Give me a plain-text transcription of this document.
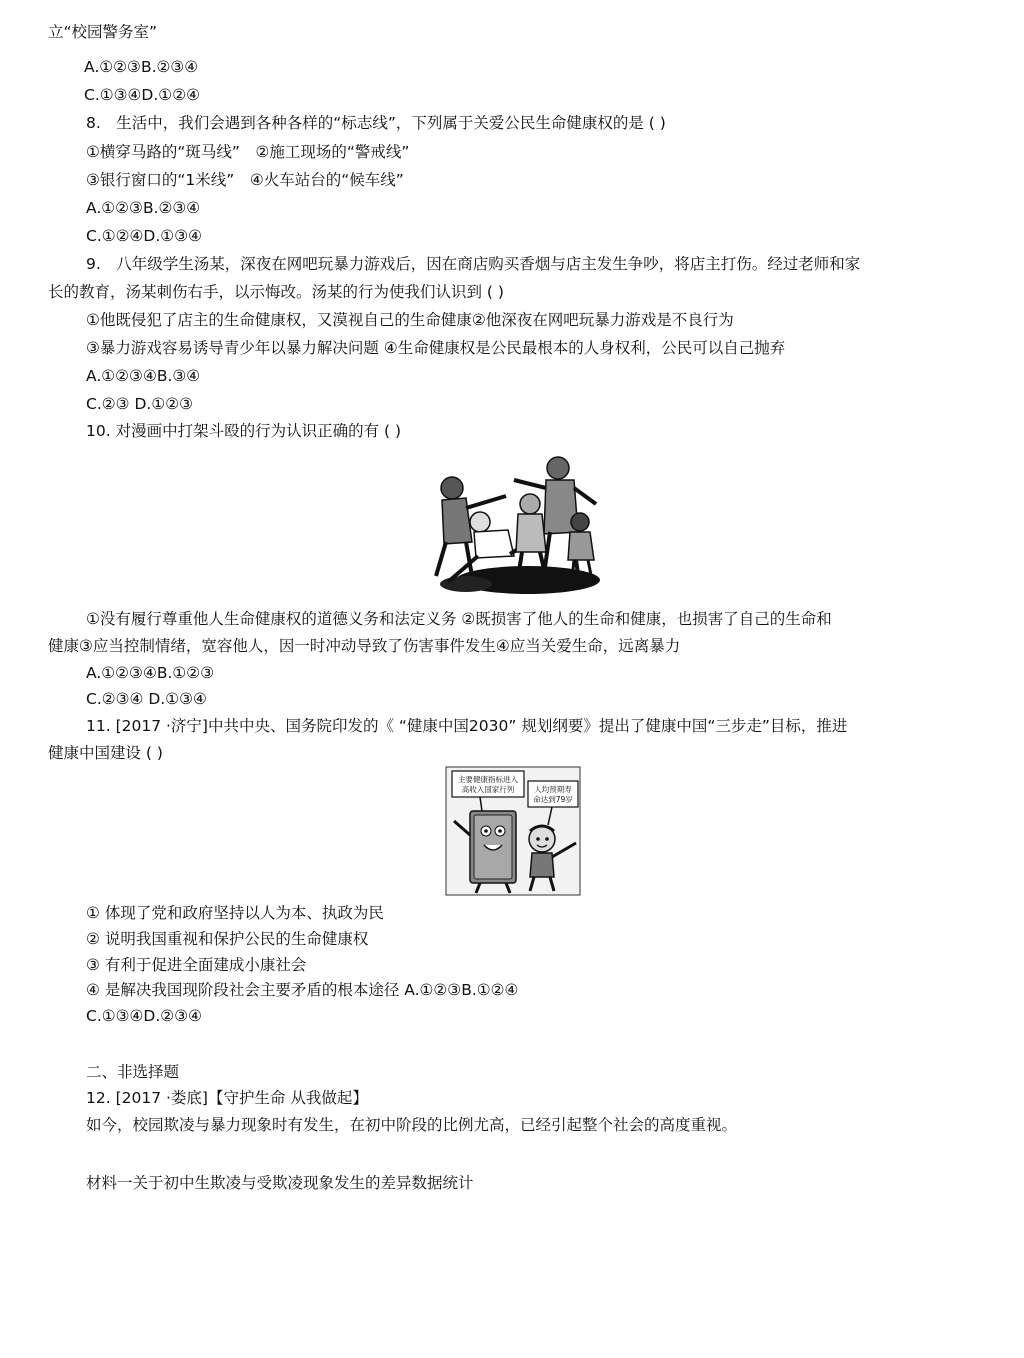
立“校园警务室”
A.①②③B.②③④
C.①③④D.①②④
8.　生活中，我们会遇到各种各样的“标志线”，下列属于关爱公民生命健康权的是 ( )
①横穿马路的“斑马线”　②施工现场的“警戒线”
③银行窗口的“1米线”　④火车站台的“候车线”
A.①②③B.②③④
C.①②④D.①③④
9.　八年级学生汤某，深夜在网吧玩暴力游戏后，因在商店购买香烟与店主发生争吵，将店主打伤。经过老师和家
长的教育，汤某刺伤右手，以示悔改。汤某的行为使我们认识到 ( )
①他既侵犯了店主的生命健康权，又漠视自己的生命健康②他深夜在网吧玩暴力游戏是不良行为
③暴力游戏容易诱导青少年以暴力解决问题 ④生命健康权是公民最根本的人身权利，公民可以自己抛弃
A.①②③④B.③④
C.②③ D.①②③
10. 对漫画中打架斗殴的行为认识正确的有 ( )
①没有履行尊重他人生命健康权的道德义务和法定义务 ②既损害了他人的生命和健康，也损害了自己的生命和
健康③应当控制情绪，宽容他人，因一时冲动导致了伤害事件发生④应当关爱生命，远离暴力
A.①②③④B.①②③
C.②③④ D.①③④
11. [2017 ·济宁]中共中央、国务院印发的《 “健康中国2030” 规划纲要》提出了健康中国“三步走”目标，推进
健康中国建设 ( )
主要健康指标进入
高收入国家行列	人均预期寿
命达到79岁
① 体现了党和政府坚持以人为本、执政为民
② 说明我国重视和保护公民的生命健康权
③ 有利于促进全面建成小康社会
④ 是解决我国现阶段社会主要矛盾的根本途径 A.①②③B.①②④
C.①③④D.②③④
二、非选择题
12. [2017 ·娄底]【守护生命 从我做起】
如今，校园欺凌与暴力现象时有发生，在初中阶段的比例尤高，已经引起整个社会的高度重视。
材料一关于初中生欺凌与受欺凌现象发生的差异数据统计
